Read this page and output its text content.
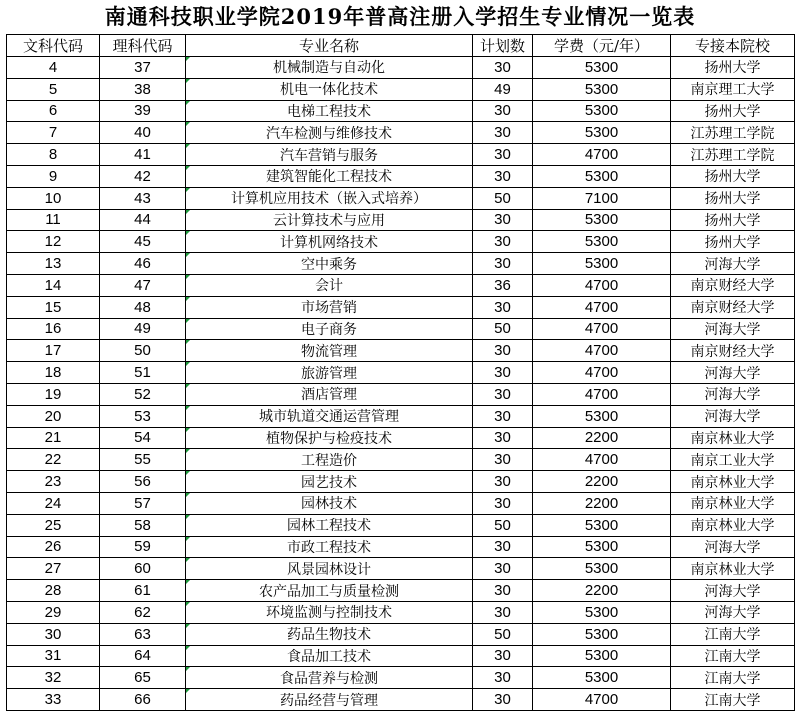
南通科技职业学院2019年普高注册入学招生专业情况一览表
文科代码	理科代码	专业名称	计划数	学费（元/年）	专接本院校
4	37	机械制造与自动化	30	5300	扬州大学
5	38	机电一体化技术	49	5300	南京理工大学
6	39	电梯工程技术	30	5300	扬州大学
7	40	汽车检测与维修技术	30	5300	江苏理工学院
8	41	汽车营销与服务	30	4700	江苏理工学院
9	42	建筑智能化工程技术	30	5300	扬州大学
10	43	计算机应用技术（嵌入式培养）	50	7100	扬州大学
11	44	云计算技术与应用	30	5300	扬州大学
12	45	计算机网络技术	30	5300	扬州大学
13	46	空中乘务	30	5300	河海大学
14	47	会计	36	4700	南京财经大学
15	48	市场营销	30	4700	南京财经大学
16	49	电子商务	50	4700	河海大学
17	50	物流管理	30	4700	南京财经大学
18	51	旅游管理	30	4700	河海大学
19	52	酒店管理	30	4700	河海大学
20	53	城市轨道交通运营管理	30	5300	河海大学
21	54	植物保护与检疫技术	30	2200	南京林业大学
22	55	工程造价	30	4700	南京工业大学
23	56	园艺技术	30	2200	南京林业大学
24	57	园林技术	30	2200	南京林业大学
25	58	园林工程技术	50	5300	南京林业大学
26	59	市政工程技术	30	5300	河海大学
27	60	风景园林设计	30	5300	南京林业大学
28	61	农产品加工与质量检测	30	2200	河海大学
29	62	环境监测与控制技术	30	5300	河海大学
30	63	药品生物技术	50	5300	江南大学
31	64	食品加工技术	30	5300	江南大学
32	65	食品营养与检测	30	5300	江南大学
33	66	药品经营与管理	30	4700	江南大学
